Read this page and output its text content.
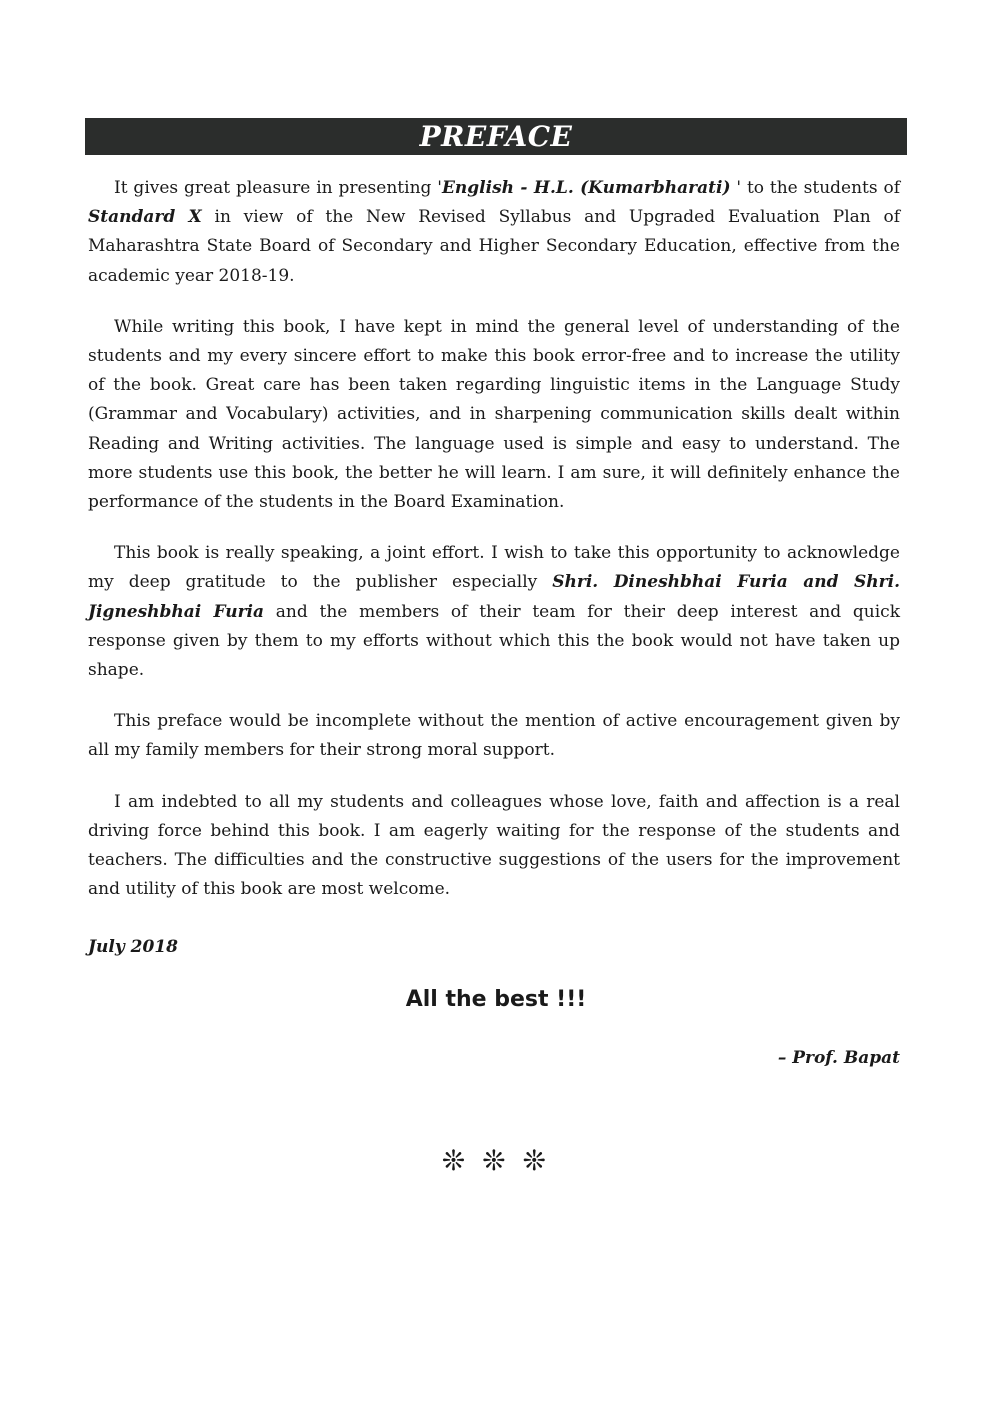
PREFACE

It gives great pleasure in presenting 'English - H.L. (Kumarbharati) ' to the students of Standard X in view of the New Revised Syllabus and Upgraded Evaluation Plan of Maharashtra State Board of Secondary and Higher Secondary Education, effective from the academic year 2018-19.

While writing this book, I have kept in mind the general level of understanding of the students and my every sincere effort to make this book error-free and to increase the utility of the book. Great care has been taken regarding linguistic items in the Language Study (Grammar and Vocabulary) activities, and in sharpening communication skills dealt within Reading and Writing activities. The language used is simple and easy to understand. The more students use this book, the better he will learn. I am sure, it will definitely enhance the performance of the students in the Board Examination.

This book is really speaking, a joint effort. I wish to take this opportunity to acknowledge my deep gratitude to the publisher especially Shri. Dineshbhai Furia and Shri. Jigneshbhai Furia and the members of their team for their deep interest and quick response given by them to my efforts without which this the book would not have taken up shape.

This preface would be incomplete without the mention of active encouragement given by all my family members for their strong moral support.

I am indebted to all my students and colleagues whose love, faith and affection is a real driving force behind this book. I am eagerly waiting for the response of the students and teachers. The difficulties and the constructive suggestions of the users for the improvement and utility of this book are most welcome.

July 2018
All the best !!!
– Prof. Bapat
❊ ❊ ❊
